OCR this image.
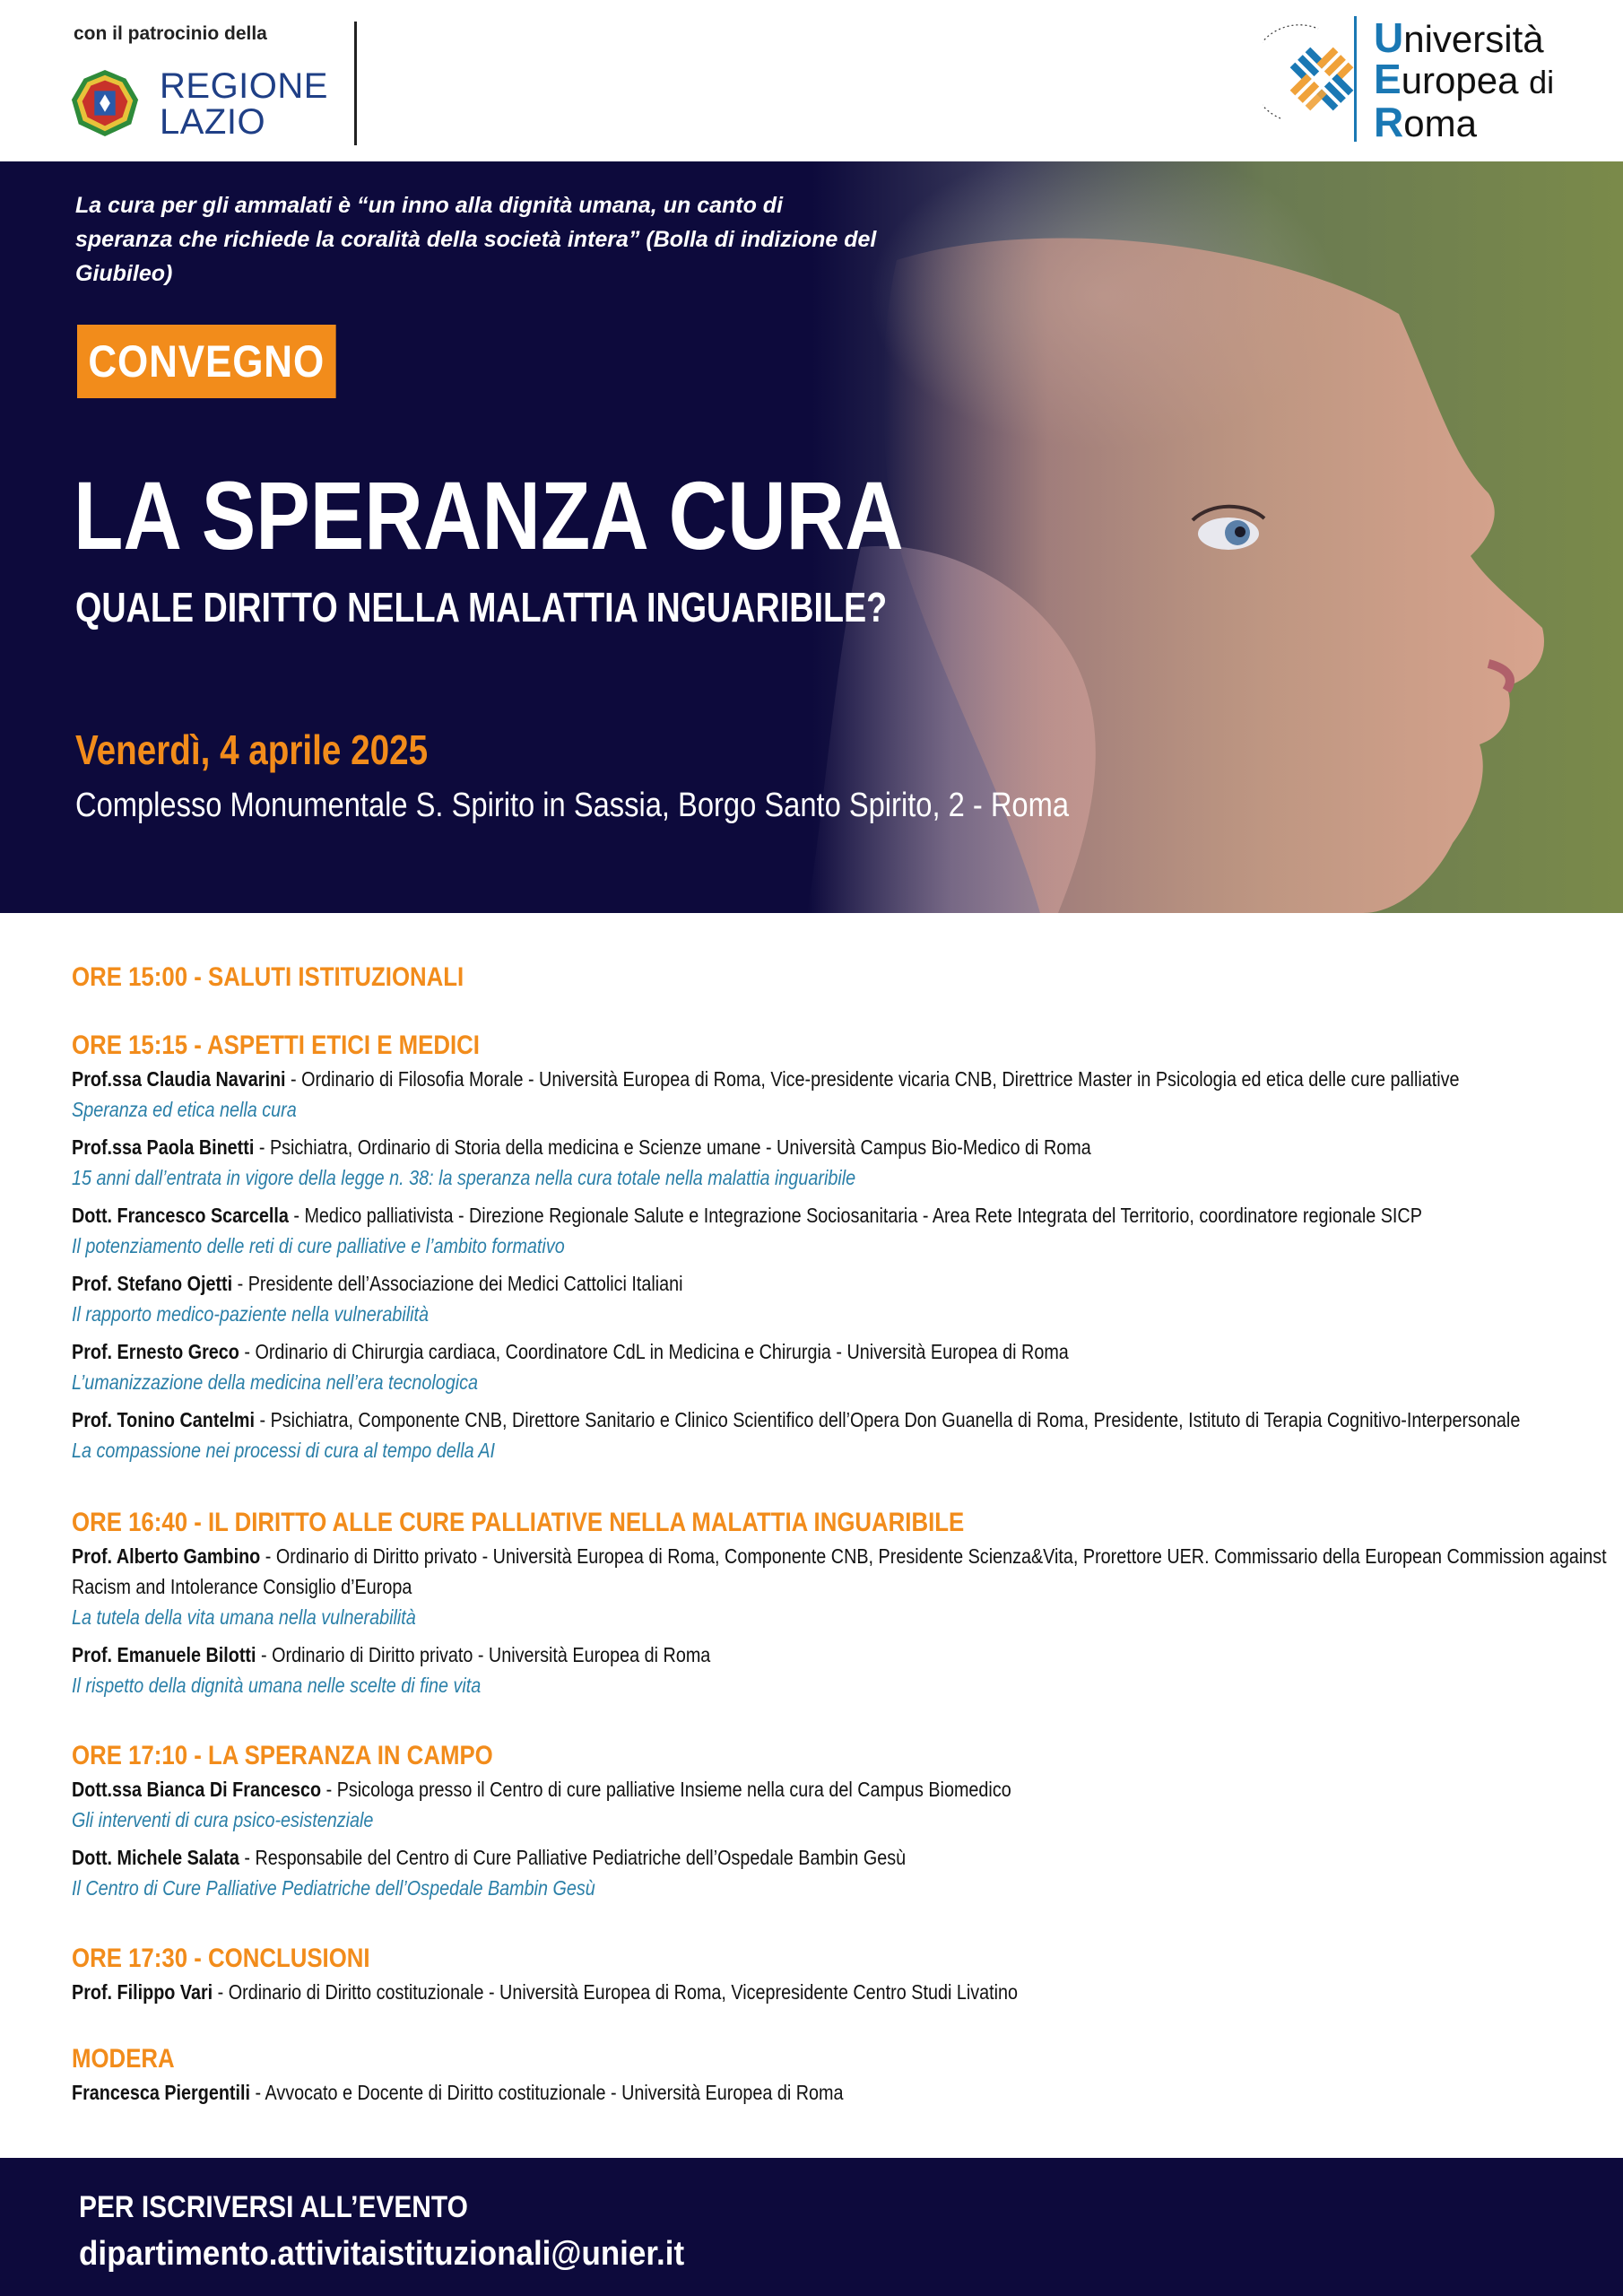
con il patrocinio della
REGIONE
LAZIO
Università
Europea di
Roma

La cura per gli ammalati è “un inno alla dignità umana, un canto di speranza che richiede la coralità della società intera” (Bolla di indizione del Giubileo)

CONVEGNO
LA SPERANZA CURA
QUALE DIRITTO NELLA MALATTIA INGUARIBILE?

Venerdì, 4 aprile 2025

Complesso Monumentale S. Spirito in Sassia, Borgo Santo Spirito, 2 - Roma

ORE 15:00 - SALUTI ISTITUZIONALI
ORE 15:15 - ASPETTI ETICI E MEDICI

Prof.ssa Claudia Navarini - Ordinario di Filosofia Morale - Università Europea di Roma, Vice-presidente vicaria CNB, Direttrice Master in Psicologia ed etica delle cure palliative

Speranza ed etica nella cura

Prof.ssa Paola Binetti - Psichiatra, Ordinario di Storia della medicina e Scienze umane - Università Campus Bio-Medico di Roma

15 anni dall’entrata in vigore della legge n. 38: la speranza nella cura totale nella malattia inguaribile

Dott. Francesco Scarcella - Medico palliativista - Direzione Regionale Salute e Integrazione Sociosanitaria - Area Rete Integrata del Territorio, coordinatore regionale SICP

Il potenziamento delle reti di cure palliative e l’ambito formativo

Prof. Stefano Ojetti - Presidente dell’Associazione dei Medici Cattolici Italiani

Il rapporto medico-paziente nella vulnerabilità

Prof. Ernesto Greco - Ordinario di Chirurgia cardiaca, Coordinatore CdL in Medicina e Chirurgia - Università Europea di Roma

L’umanizzazione della medicina nell’era tecnologica

Prof. Tonino Cantelmi - Psichiatra, Componente CNB, Direttore Sanitario e Clinico Scientifico dell’Opera Don Guanella di Roma, Presidente, Istituto di Terapia Cognitivo-Interpersonale

La compassione nei processi di cura al tempo della AI

ORE 16:40 - IL DIRITTO ALLE CURE PALLIATIVE NELLA MALATTIA INGUARIBILE

Prof. Alberto Gambino - Ordinario di Diritto privato - Università Europea di Roma, Componente CNB, Presidente Scienza&Vita, Prorettore UER. Commissario della European Commission against Racism and Intolerance Consiglio d’Europa

La tutela della vita umana nella vulnerabilità

Prof. Emanuele Bilotti - Ordinario di Diritto privato - Università Europea di Roma

Il rispetto della dignità umana nelle scelte di fine vita

ORE 17:10 - LA SPERANZA IN CAMPO

Dott.ssa Bianca Di Francesco - Psicologa presso il Centro di cure palliative Insieme nella cura del Campus Biomedico

Gli interventi di cura psico-esistenziale

Dott. Michele Salata - Responsabile del Centro di Cure Palliative Pediatriche dell’Ospedale Bambin Gesù

Il Centro di Cure Palliative Pediatriche dell’Ospedale Bambin Gesù

ORE 17:30 - CONCLUSIONI

Prof. Filippo Vari - Ordinario di Diritto costituzionale - Università Europea di Roma, Vicepresidente Centro Studi Livatino

MODERA

Francesca Piergentili - Avvocato e Docente di Diritto costituzionale - Università Europea di Roma

PER ISCRIVERSI ALL’EVENTO

dipartimento.attivitaistituzionali@unier.it
